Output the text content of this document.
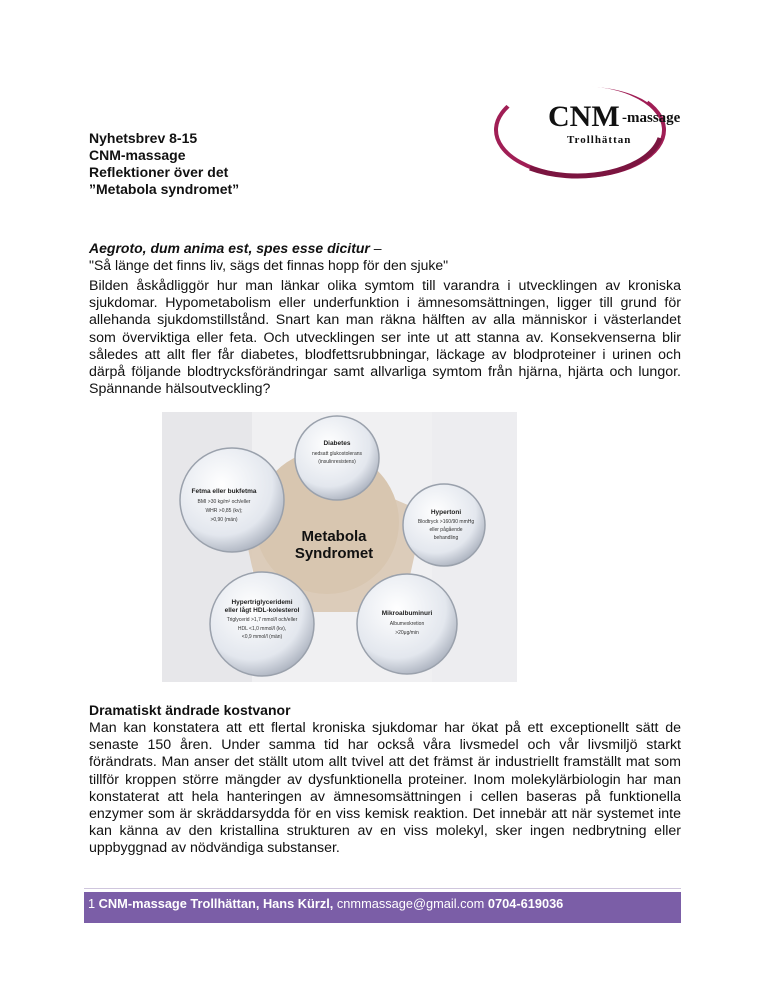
CNM -massage
Trollhättan
Nyhetsbrev 8-15
CNM-massage
Reflektioner över det
”Metabola syndromet”
Aegroto, dum anima est, spes esse dicitur –
"Så länge det finns liv, sägs det finnas hopp för den sjuke"
Bilden åskådliggör hur man länkar olika symtom till varandra i utvecklingen av kroniska sjukdomar. Hypometabolism eller underfunktion i ämnesomsättningen, ligger till grund för allehanda sjukdomstillstånd. Snart kan man räkna hälften av alla människor i västerlandet som överviktiga eller feta. Och utvecklingen ser inte ut att stanna av. Konsekvenserna blir således att allt fler får diabetes, blodfettsrubbningar, läckage av blodproteiner i urinen och därpå följande blodtrycksförändringar samt allvarliga symtom från hjärna, hjärta och lungor. Spännande hälsoutveckling?
Diabetes
nedsatt glukostolerans
(insulinresistens)
Hypertoni
Blodtryck >160/90 mmHg
eller pågående
behandling
Fetma eller bukfetma
BMI >30 kg/m² och/eller
WHR >0,85 (kv);
>0,90 (män)
Metabola
Syndromet
Hypertriglyceridemi
eller lågt HDL-kolesterol
Triglycerid >1,7 mmol/l och/eller
HDL <1,0 mmol/l (kv),
<0,9 mmol/l (män)
Mikroalbuminuri
Albumexkretion
>20μg/min
Dramatiskt ändrade kostvanor
Man kan konstatera att ett flertal kroniska sjukdomar har ökat på ett exceptionellt sätt de senaste 150 åren. Under samma tid har också våra livsmedel och vår livsmiljö starkt förändrats. Man anser det ställt utom allt tvivel att det främst är industriellt framställt mat som tillför kroppen större mängder av dysfunktionella proteiner. Inom molekylärbiologin har man konstaterat att hela hanteringen av ämnesomsättningen i cellen baseras på funktionella enzymer som är skräddarsydda för en viss kemisk reaktion. Det innebär att när systemet inte kan känna av den kristallina strukturen av en viss molekyl, sker ingen nedbrytning eller uppbyggnad av nödvändiga substanser.
1 CNM-massage Trollhättan, Hans Kürzl, cnmmassage@gmail.com 0704-619036
